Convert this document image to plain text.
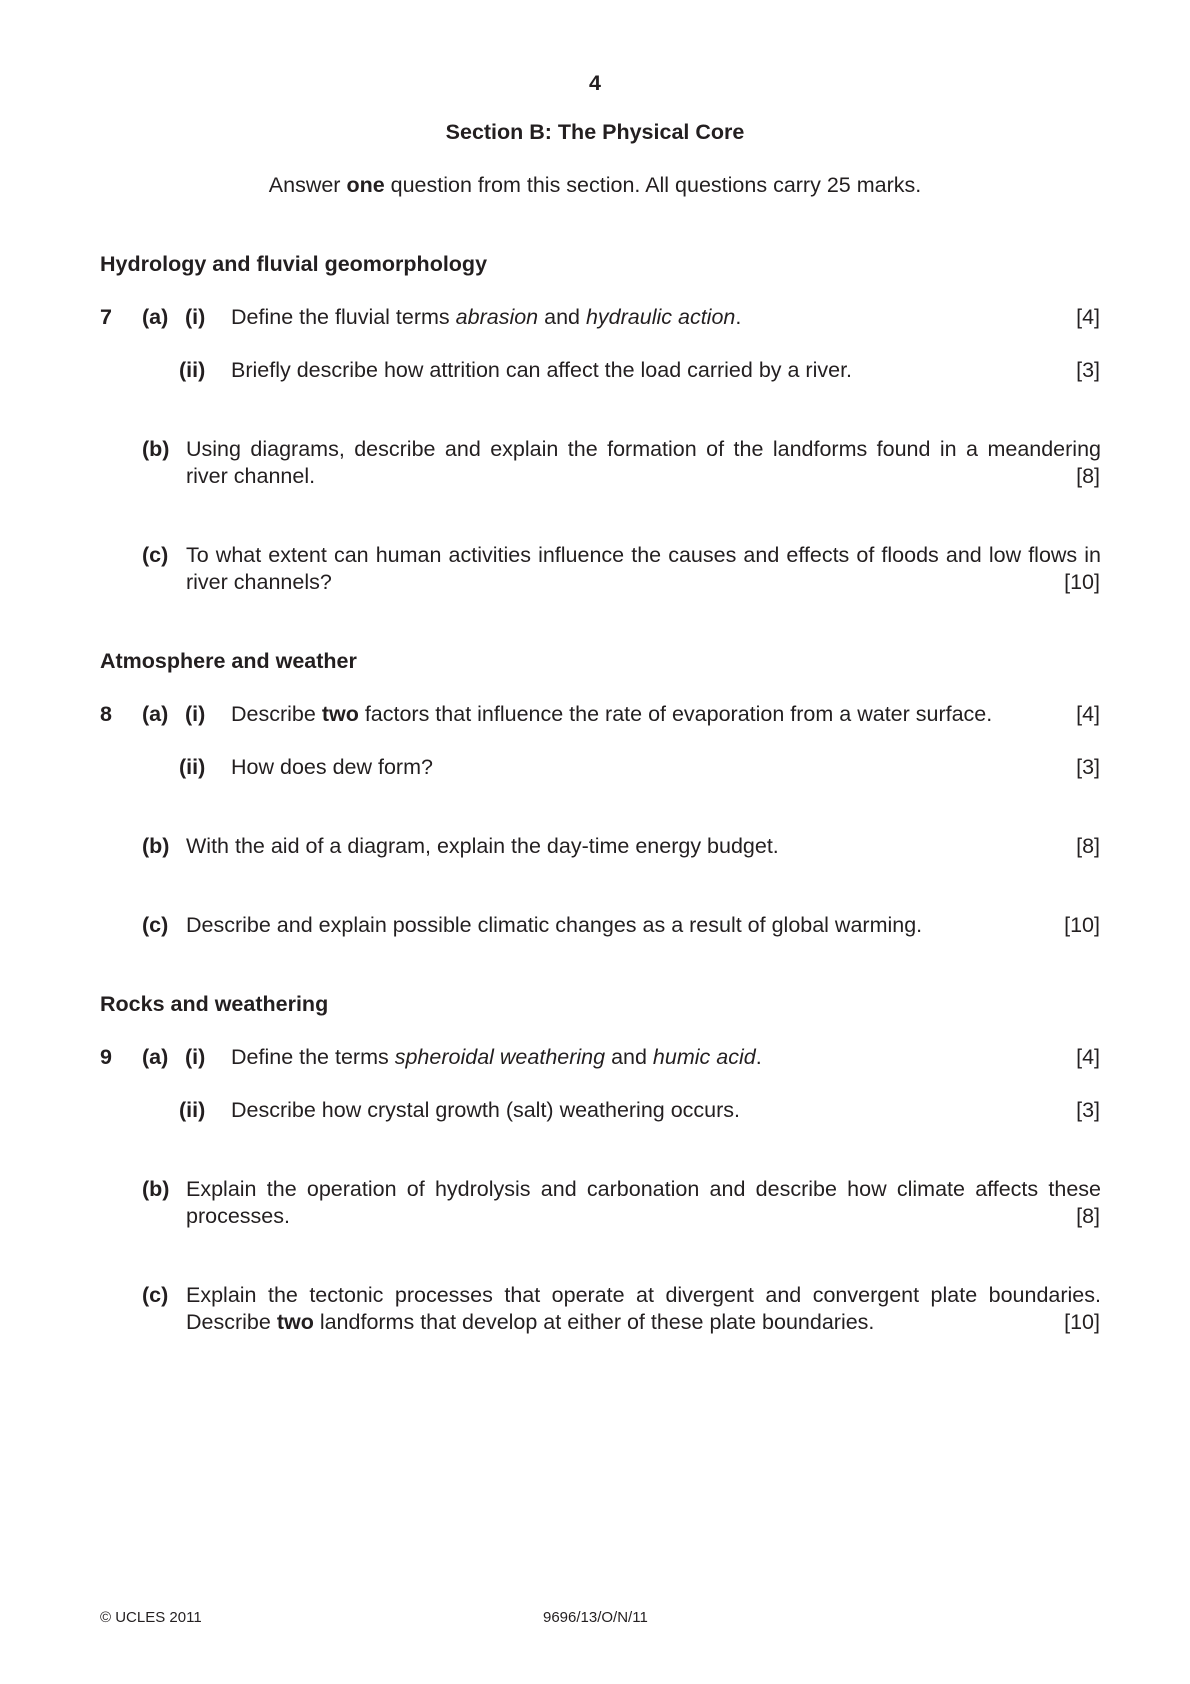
4
Section B: The Physical Core
Answer one question from this section. All questions carry 25 marks.
Hydrology and fluvial geomorphology
7 (a) (i) Define the fluvial terms abrasion and hydraulic action.	[4]
(ii) Briefly describe how attrition can affect the load carried by a river.	[3]
(b) Using diagrams, describe and explain the formation of the landforms found in a meandering river channel.	[8]
(c) To what extent can human activities influence the causes and effects of floods and low flows in river channels?	[10]
Atmosphere and weather
8 (a) (i) Describe two factors that influence the rate of evaporation from a water surface.	[4]
(ii) How does dew form?	[3]
(b) With the aid of a diagram, explain the day-time energy budget.	[8]
(c) Describe and explain possible climatic changes as a result of global warming.	[10]
Rocks and weathering
9 (a) (i) Define the terms spheroidal weathering and humic acid.	[4]
(ii) Describe how crystal growth (salt) weathering occurs.	[3]
(b) Explain the operation of hydrolysis and carbonation and describe how climate affects these processes.	[8]
(c) Explain the tectonic processes that operate at divergent and convergent plate boundaries.
Describe two landforms that develop at either of these plate boundaries.	[10]
© UCLES 2011	9696/13/O/N/11
